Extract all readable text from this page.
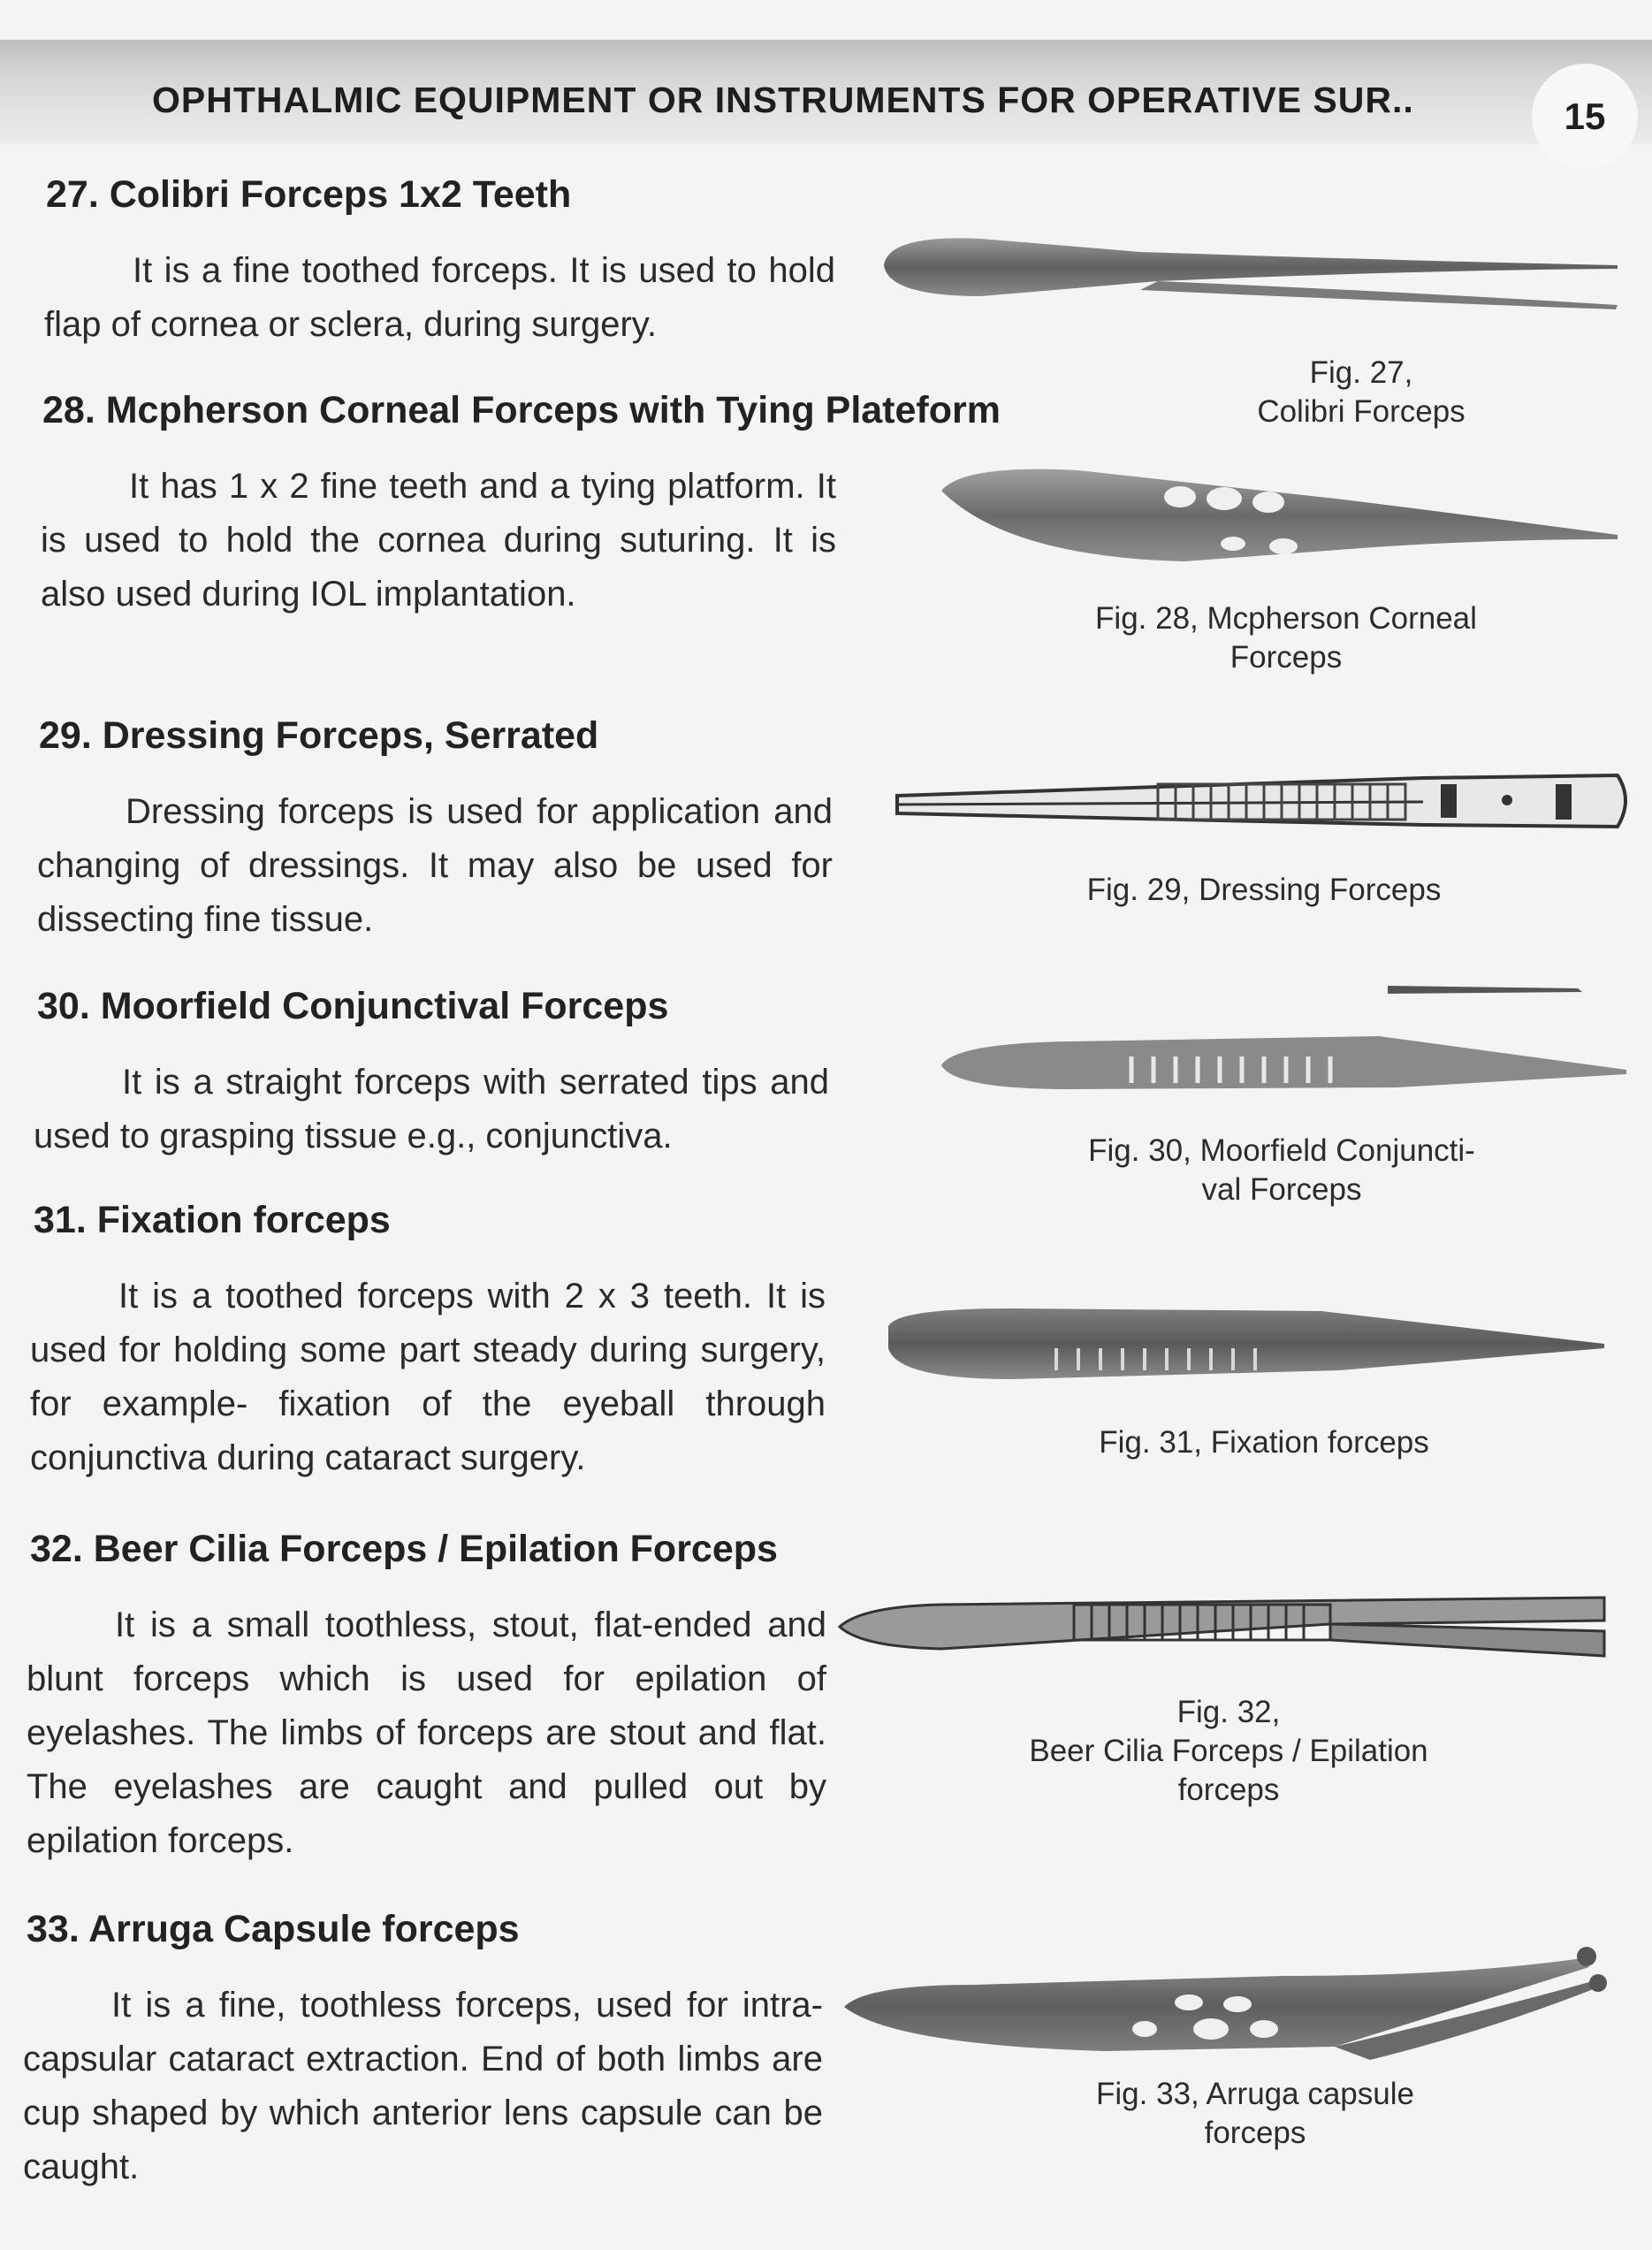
OPHTHALMIC EQUIPMENT OR INSTRUMENTS FOR OPERATIVE SUR..	15
27. Colibri Forceps 1x2 Teeth
It is a fine toothed forceps. It is used to hold flap of cornea or sclera, during surgery.
Fig. 27,
Colibri Forceps
28. Mcpherson Corneal Forceps with Tying Plateform
It has 1 x 2 fine teeth and a tying platform. It is used to hold the cornea during suturing. It is also used during IOL implantation.
Fig. 28, Mcpherson Corneal
Forceps
29. Dressing Forceps, Serrated
Dressing forceps is used for application and changing of dressings. It may also be used for dissecting fine tissue.
Fig. 29, Dressing Forceps
30. Moorfield Conjunctival Forceps
It is a straight forceps with serrated tips and used to grasping tissue e.g., conjunctiva.	Fig. 30, Moorfield Conjuncti-
val Forceps
31. Fixation forceps
It is a toothed forceps with 2 x 3 teeth. It is used for holding some part steady during surgery, for example- fixation of the eyeball through conjunctiva during cataract surgery.	Fig. 31, Fixation forceps
32. Beer Cilia Forceps / Epilation Forceps
It is a small toothless, stout, flat-ended and blunt forceps which is used for epilation of eyelashes. The limbs of forceps are stout and flat. The eyelashes are caught and pulled out by epilation forceps.
Fig. 32,
Beer Cilia Forceps / Epilation
forceps
33. Arruga Capsule forceps
It is a fine, toothless forceps, used for intra-capsular cataract extraction. End of both limbs are cup shaped by which anterior lens capsule can be caught.
Fig. 33, Arruga capsule
forceps
